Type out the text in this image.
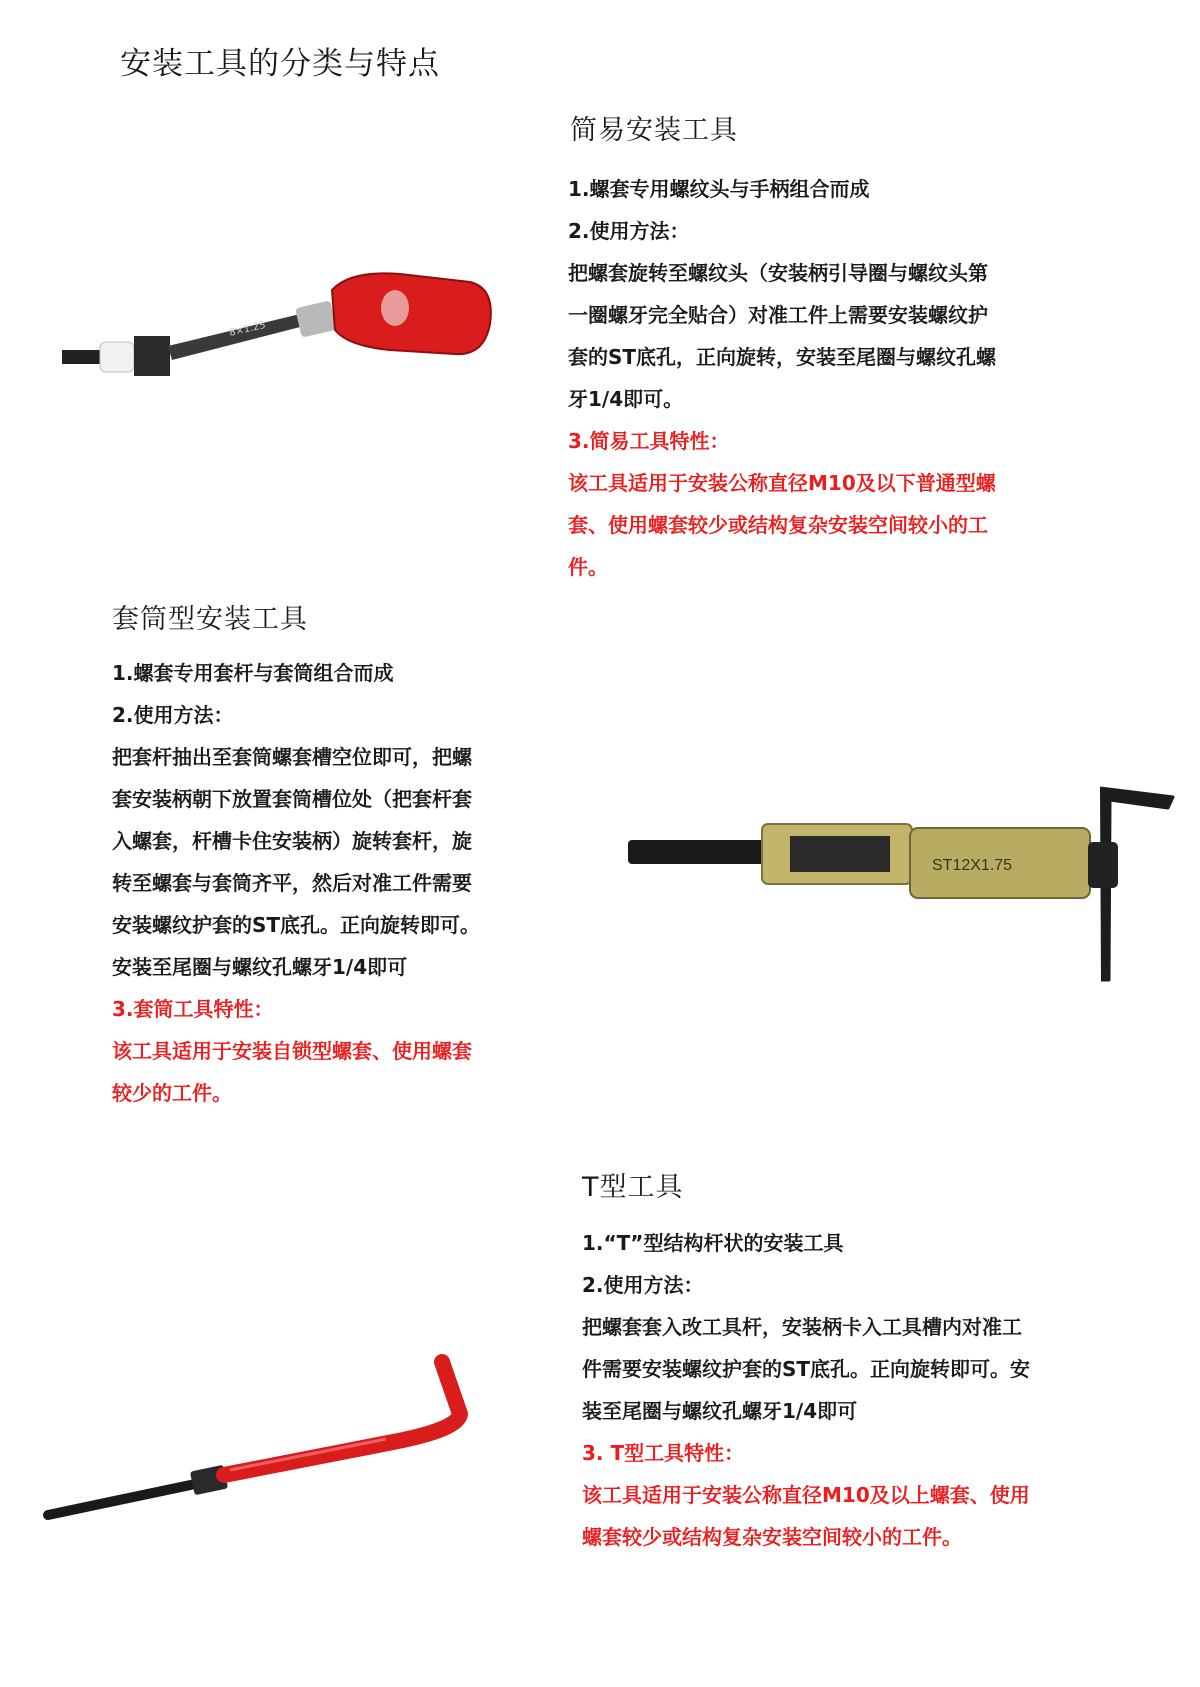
安装工具的分类与特点
简易安装工具

1.螺套专用螺纹头与手柄组合而成

2.使用方法：

把螺套旋转至螺纹头（安装柄引导圈与螺纹头第

一圈螺牙完全贴合）对准工件上需要安装螺纹护

套的ST底孔，正向旋转，安装至尾圈与螺纹孔螺

牙1/4即可。

3.简易工具特性：

该工具适用于安装公称直径M10及以下普通型螺

套、使用螺套较少或结构复杂安装空间较小的工

件。

8×1.25
套筒型安装工具

1.螺套专用套杆与套筒组合而成

2.使用方法：

把套杆抽出至套筒螺套槽空位即可，把螺

套安装柄朝下放置套筒槽位处（把套杆套

入螺套，杆槽卡住安装柄）旋转套杆，旋

转至螺套与套筒齐平，然后对准工件需要

安装螺纹护套的ST底孔。正向旋转即可。

安装至尾圈与螺纹孔螺牙1/4即可

3.套筒工具特性：

该工具适用于安装自锁型螺套、使用螺套

较少的工件。

ST12X1.75
T型工具

1.“T”型结构杆状的安装工具

2.使用方法：

把螺套套入改工具杆，安装柄卡入工具槽内对准工

件需要安装螺纹护套的ST底孔。正向旋转即可。安

装至尾圈与螺纹孔螺牙1/4即可

3. T型工具特性：

该工具适用于安装公称直径M10及以上螺套、使用

螺套较少或结构复杂安装空间较小的工件。
